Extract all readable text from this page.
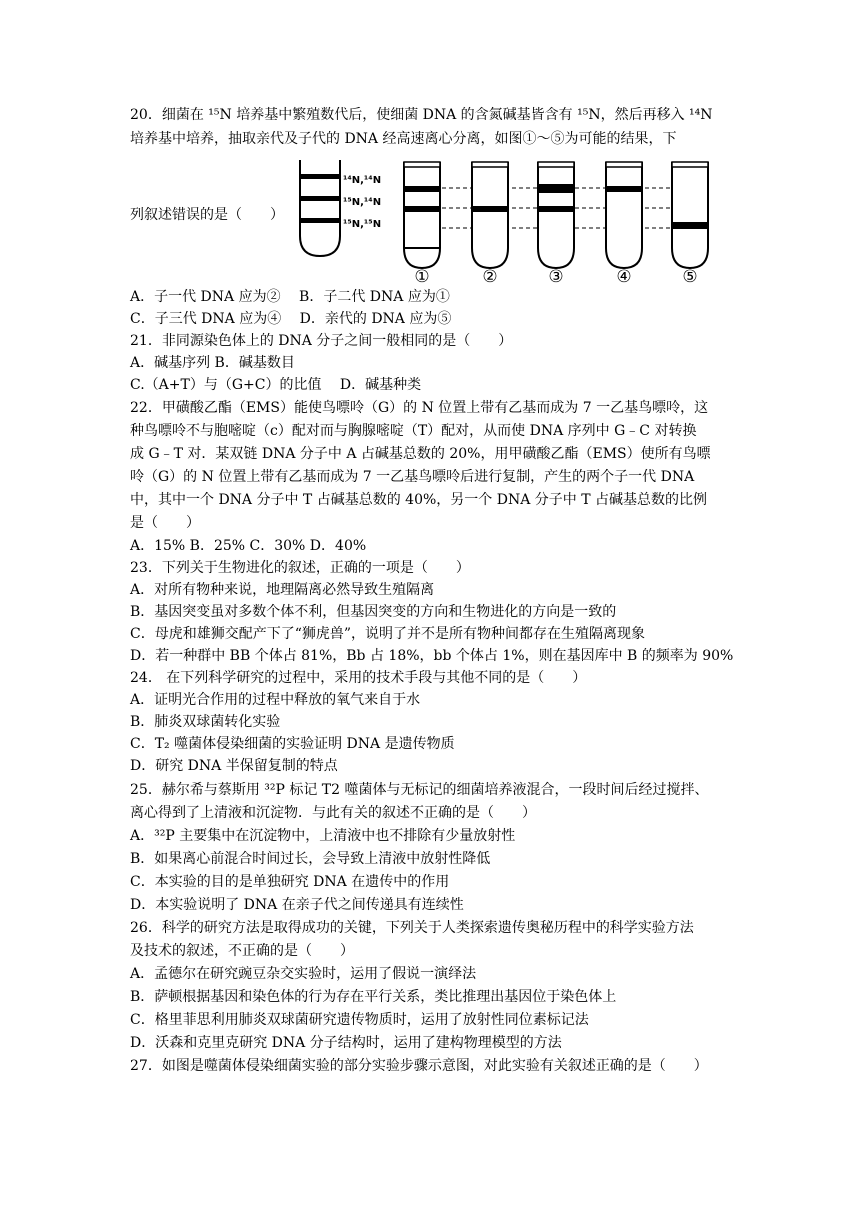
20．细菌在 ¹⁵N 培养基中繁殖数代后，使细菌 DNA 的含氮碱基皆含有 ¹⁵N，然后再移入 ¹⁴N
培养基中培养，抽取亲代及子代的 DNA 经高速离心分离，如图①～⑤为可能的结果，下
列叙述错误的是（　　）
¹⁴N,¹⁴N
¹⁵N,¹⁴N
¹⁵N,¹⁵N
①	②	③	④	⑤
A．子一代 DNA 应为②　 B．子二代 DNA 应为①
C．子三代 DNA 应为④　 D．亲代的 DNA 应为⑤
21．非同源染色体上的 DNA 分子之间一般相同的是（　　）
A．碱基序列 B．碱基数目
C.（A+T）与（G+C）的比值　 D．碱基种类
22．甲磺酸乙酯（EMS）能使鸟嘌呤（G）的 N 位置上带有乙基而成为 7 一乙基鸟嘌呤，这
种鸟嘌呤不与胞嘧啶（c）配对而与胸腺嘧啶（T）配对，从而使 DNA 序列中 G﹣C 对转换
成 G﹣T 对．某双链 DNA 分子中 A 占碱基总数的 20%，用甲磺酸乙酯（EMS）使所有鸟嘌
呤（G）的 N 位置上带有乙基而成为 7 一乙基鸟嘌呤后进行复制，产生的两个子一代 DNA
中，其中一个 DNA 分子中 T 占碱基总数的 40%，另一个 DNA 分子中 T 占碱基总数的比例
是（　　）
A．15% B．25% C．30% D．40%
23．下列关于生物进化的叙述，正确的一项是（　　）
A．对所有物种来说，地理隔离必然导致生殖隔离
B．基因突变虽对多数个体不利，但基因突变的方向和生物进化的方向是一致的
C．母虎和雄狮交配产下了“狮虎兽”，说明了并不是所有物种间都存在生殖隔离现象
D．若一种群中 BB 个体占 81%，Bb 占 18%，bb 个体占 1%，则在基因库中 B 的频率为 90%
24． 在下列科学研究的过程中，采用的技术手段与其他不同的是（　　）
A．证明光合作用的过程中释放的氧气来自于水
B．肺炎双球菌转化实验
C．T₂ 噬菌体侵染细菌的实验证明 DNA 是遗传物质
D．研究 DNA 半保留复制的特点
25．赫尔希与蔡斯用 ³²P 标记 T2 噬菌体与无标记的细菌培养液混合，一段时间后经过搅拌、
离心得到了上清液和沉淀物．与此有关的叙述不正确的是（　　）
A．³²P 主要集中在沉淀物中，上清液中也不排除有少量放射性
B．如果离心前混合时间过长，会导致上清液中放射性降低
C．本实验的目的是单独研究 DNA 在遗传中的作用
D．本实验说明了 DNA 在亲子代之间传递具有连续性
26．科学的研究方法是取得成功的关键，下列关于人类探索遗传奥秘历程中的科学实验方法
及技术的叙述，不正确的是（　　）
A．孟德尔在研究豌豆杂交实验时，运用了假说一演绎法
B．萨顿根据基因和染色体的行为存在平行关系，类比推理出基因位于染色体上
C．格里菲思利用肺炎双球菌研究遗传物质时，运用了放射性同位素标记法
D．沃森和克里克研究 DNA 分子结构时，运用了建构物理模型的方法
27．如图是噬菌体侵染细菌实验的部分实验步骤示意图，对此实验有关叙述正确的是（　　）
